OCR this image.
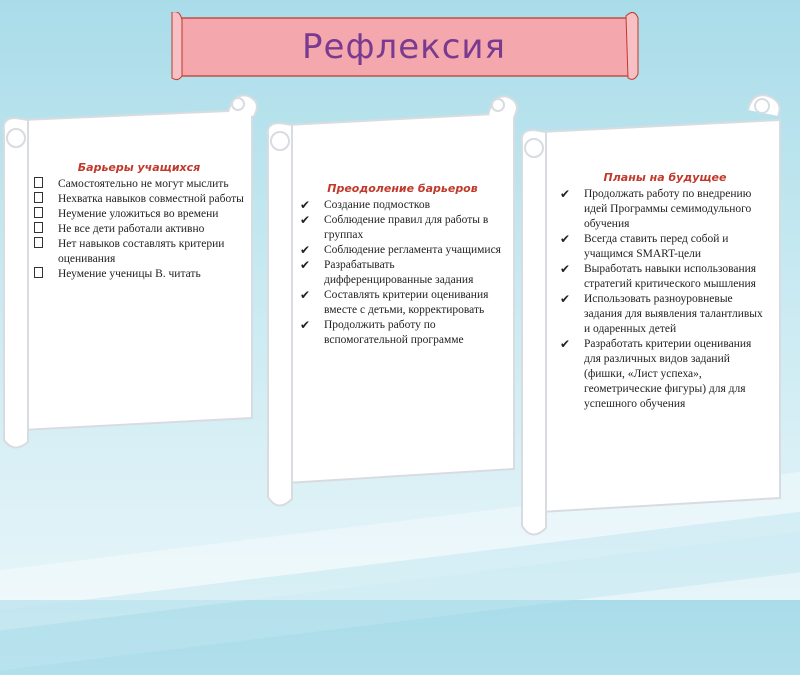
Рефлексия
Барьеры учащихся
Самостоятельно не могут мыслить
Нехватка навыков совместной работы
Неумение уложиться во времени
Не все дети работали активно
Нет навыков составлять критерии оценивания
Неумение ученицы В. читать
Преодоление барьеров
✔	Создание подмостков
✔	Соблюдение правил для работы в группах
✔	Соблюдение регламента учащимися
✔	Разрабатывать дифференцированные задания
✔	Составлять критерии оценивания вместе с детьми, корректировать
✔	Продолжить работу по вспомогательной программе
Планы на будущее
✔	Продолжать работу по внедрению идей Программы семимодульного обучения
✔	Всегда ставить перед собой и учащимся SMART-цели
✔	Выработать навыки использования стратегий критического мышления
✔	Использовать разноуровневые задания для выявления талантливых и одаренных детей
✔	Разработать критерии оценивания для различных видов заданий (фишки, «Лист успеха», геометрические фигуры) для для успешного обучения
